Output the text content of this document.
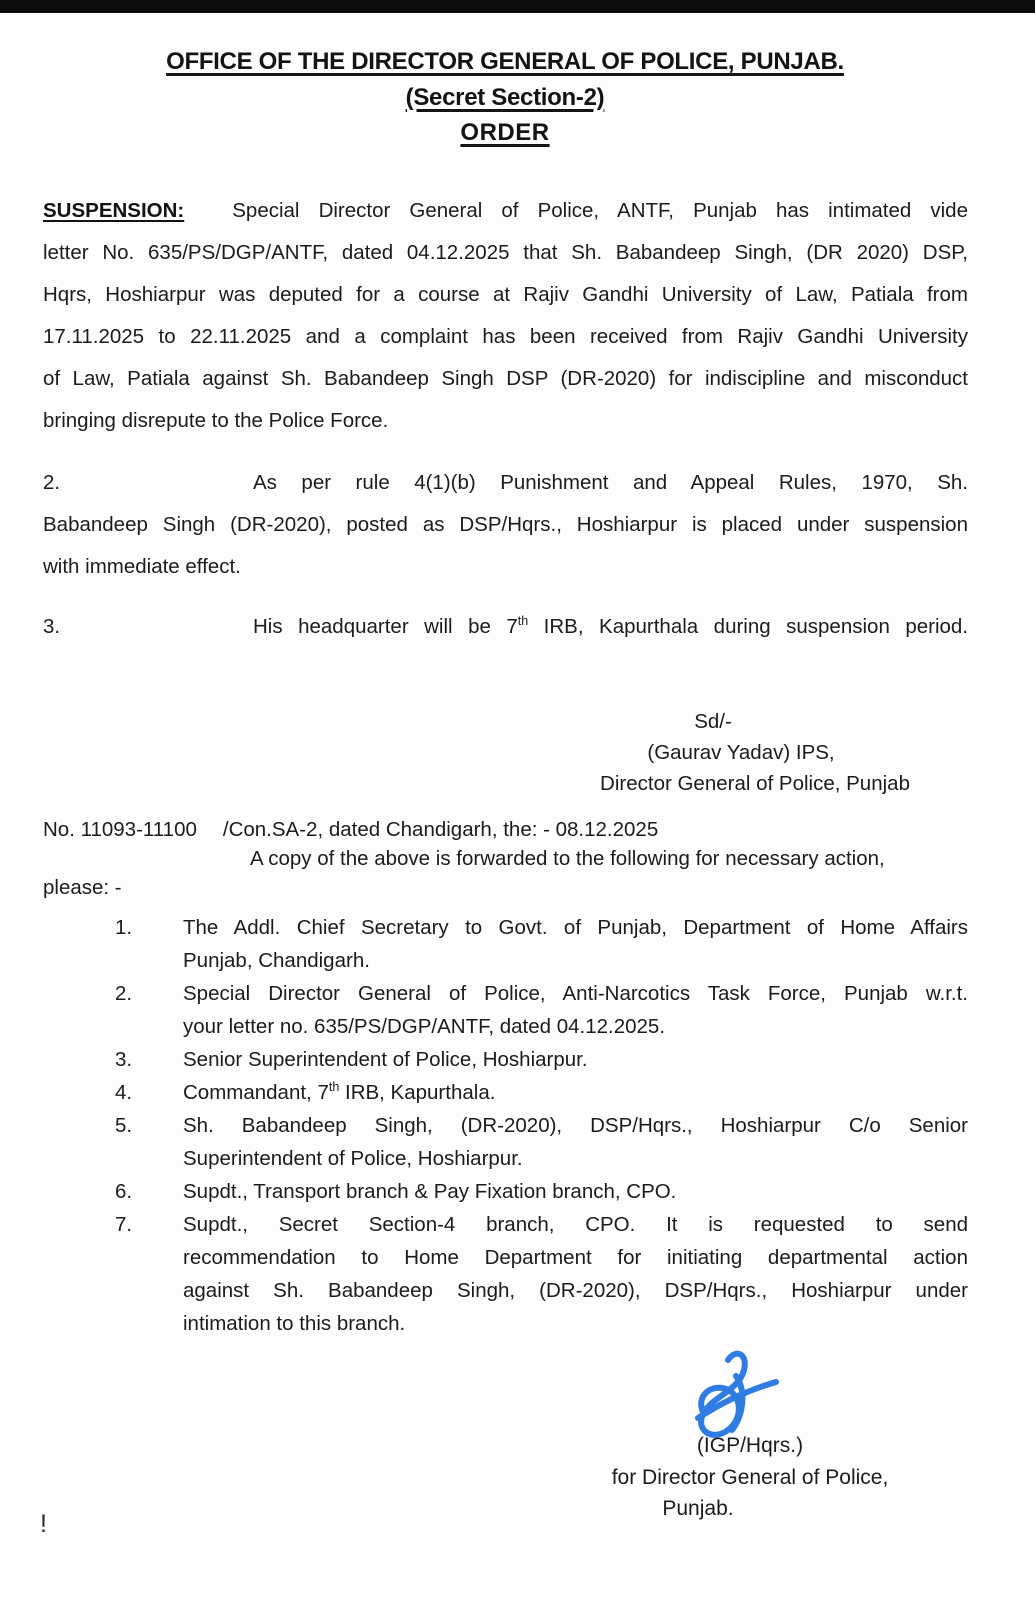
OFFICE OF THE DIRECTOR GENERAL OF POLICE, PUNJAB.
(Secret Section-2)
ORDER
SUSPENSION: Special Director General of Police, ANTF, Punjab has intimated vide
letter No. 635/PS/DGP/ANTF, dated 04.12.2025 that Sh. Babandeep Singh, (DR 2020) DSP,
Hqrs, Hoshiarpur was deputed for a course at Rajiv Gandhi University of Law, Patiala from
17.11.2025 to 22.11.2025 and a complaint has been received from Rajiv Gandhi University
of Law, Patiala against Sh. Babandeep Singh DSP (DR-2020) for indiscipline and misconduct
bringing disrepute to the Police Force.
2.	As per rule 4(1)(b) Punishment and Appeal Rules, 1970, Sh.
Babandeep Singh (DR-2020), posted as DSP/Hqrs., Hoshiarpur is placed under suspension
with immediate effect.
3.	His headquarter will be 7th IRB, Kapurthala during suspension period.
Sd/-
(Gaurav Yadav) IPS,
Director General of Police, Punjab
No. 11093-11100 /Con.SA-2, dated Chandigarh, the: - 08.12.2025
A copy of the above is forwarded to the following for necessary action,
please: -
1.	The Addl. Chief Secretary to Govt. of Punjab, Department of Home Affairs
Punjab, Chandigarh.
2.	Special Director General of Police, Anti-Narcotics Task Force, Punjab w.r.t.
your letter no. 635/PS/DGP/ANTF, dated 04.12.2025.
3.	Senior Superintendent of Police, Hoshiarpur.
4.	Commandant, 7th IRB, Kapurthala.
5.	Sh. Babandeep Singh, (DR-2020), DSP/Hqrs., Hoshiarpur C/o Senior
Superintendent of Police, Hoshiarpur.
6.	Supdt., Transport branch & Pay Fixation branch, CPO.
7.	Supdt., Secret Section-4 branch, CPO. It is requested to send
recommendation to Home Department for initiating departmental action
against Sh. Babandeep Singh, (DR-2020), DSP/Hqrs., Hoshiarpur under
intimation to this branch.
(IGP/Hqrs.)
for Director General of Police,
Punjab.
!
